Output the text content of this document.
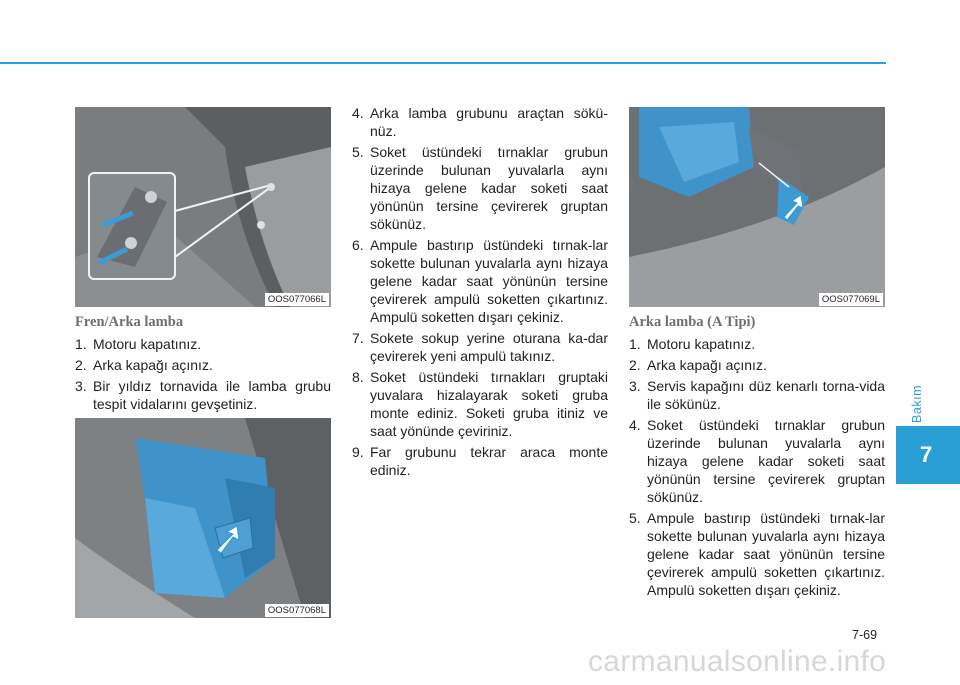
OOS077066L
OOS077068L
OOS077069L
Fren/Arka lamba
1. Motoru kapatınız.
2. Arka kapağı açınız.
3. Bir yıldız tornavida ile lamba grubu tespit vidalarını gevşetiniz.
4. Arka lamba grubunu araçtan sökü-nüz.
5. Soket üstündeki tırnaklar grubun üzerinde bulunan yuvalarla aynı hizaya gelene kadar soketi saat yönünün tersine çevirerek gruptan sökünüz.
6. Ampule bastırıp üstündeki tırnak-lar sokette bulunan yuvalarla aynı hizaya gelene kadar saat yönünün tersine çevirerek ampulü soketten çıkartınız. Ampulü soketten dışarı çekiniz.
7. Sokete sokup yerine oturana ka-dar çevirerek yeni ampulü takınız.
8. Soket üstündeki tırnakları gruptaki yuvalara hizalayarak soketi gruba monte ediniz. Soketi gruba itiniz ve saat yönünde çeviriniz.
9. Far grubunu tekrar araca monte ediniz.
Arka lamba (A Tipi)
1. Motoru kapatınız.
2. Arka kapağı açınız.
3. Servis kapağını düz kenarlı torna-vida ile sökünüz.
4. Soket üstündeki tırnaklar grubun üzerinde bulunan yuvalarla aynı hizaya gelene kadar soketi saat yönünün tersine çevirerek gruptan sökünüz.
5. Ampule bastırıp üstündeki tırnak-lar sokette bulunan yuvalarla aynı hizaya gelene kadar saat yönünün tersine çevirerek ampulü soketten çıkartınız. Ampulü soketten dışarı çekiniz.
Bakım
7
7-69
carmanualsonline.info
